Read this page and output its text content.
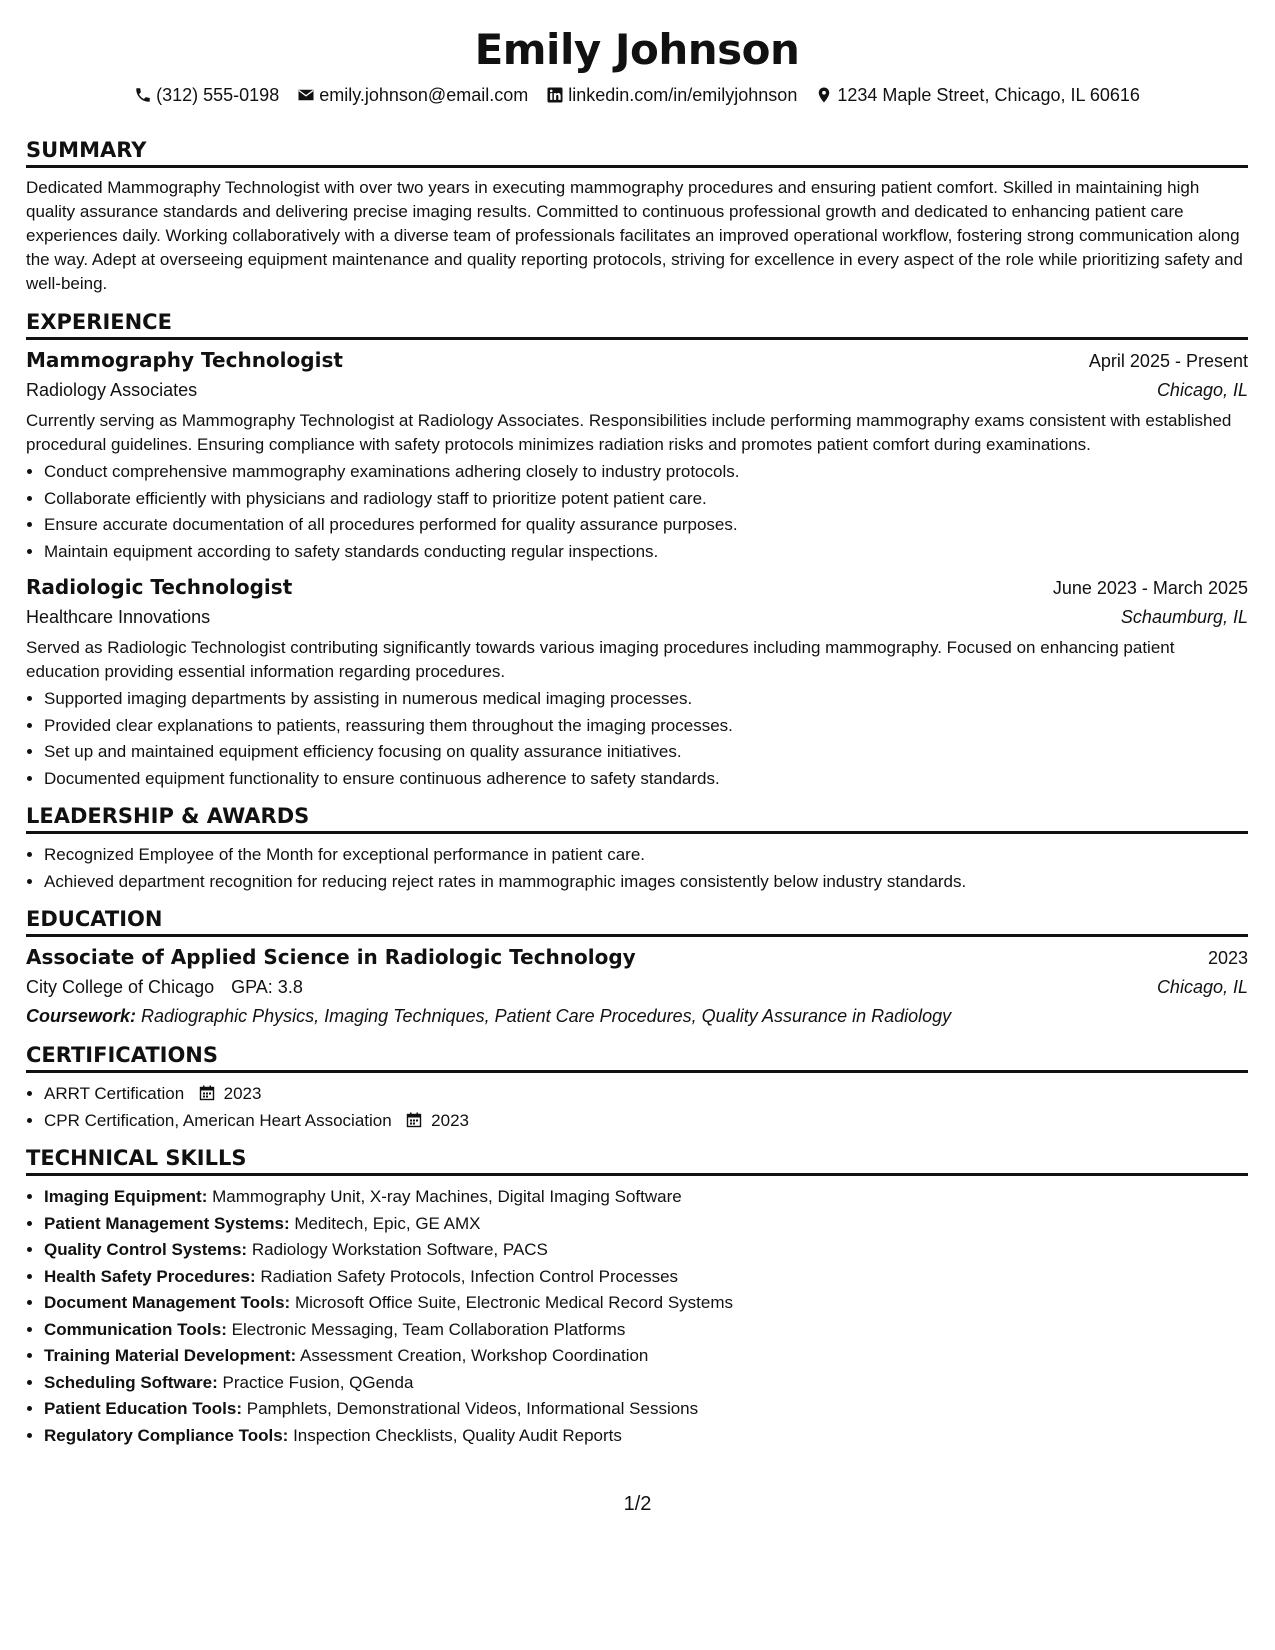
Emily Johnson
(312) 555-0198 emily.johnson@email.com linkedin.com/in/emilyjohnson 1234 Maple Street, Chicago, IL 60616
SUMMARY

Dedicated Mammography Technologist with over two years in executing mammography procedures and ensuring patient comfort. Skilled in maintaining high quality assurance standards and delivering precise imaging results. Committed to continuous professional growth and dedicated to enhancing patient care experiences daily. Working collaboratively with a diverse team of professionals facilitates an improved operational workflow, fostering strong communication along the way. Adept at overseeing equipment maintenance and quality reporting protocols, striving for excellence in every aspect of the role while prioritizing safety and well-being.

EXPERIENCE
Mammography Technologist	April 2025 - Present
Radiology Associates	Chicago, IL

Currently serving as Mammography Technologist at Radiology Associates. Responsibilities include performing mammography exams consistent with established procedural guidelines. Ensuring compliance with safety protocols minimizes radiation risks and promotes patient comfort during examinations.

• Conduct comprehensive mammography examinations adhering closely to industry protocols.
• Collaborate efficiently with physicians and radiology staff to prioritize potent patient care.
• Ensure accurate documentation of all procedures performed for quality assurance purposes.
• Maintain equipment according to safety standards conducting regular inspections.
Radiologic Technologist	June 2023 - March 2025
Healthcare Innovations	Schaumburg, IL

Served as Radiologic Technologist contributing significantly towards various imaging procedures including mammography. Focused on enhancing patient education providing essential information regarding procedures.

• Supported imaging departments by assisting in numerous medical imaging processes.
• Provided clear explanations to patients, reassuring them throughout the imaging processes.
• Set up and maintained equipment efficiency focusing on quality assurance initiatives.
• Documented equipment functionality to ensure continuous adherence to safety standards.
LEADERSHIP & AWARDS
• Recognized Employee of the Month for exceptional performance in patient care.
• Achieved department recognition for reducing reject rates in mammographic images consistently below industry standards.
EDUCATION
Associate of Applied Science in Radiologic Technology	2023
City College of Chicago GPA: 3.8	Chicago, IL
Coursework: Radiographic Physics, Imaging Techniques, Patient Care Procedures, Quality Assurance in Radiology
CERTIFICATIONS
• ARRT Certification 2023
• CPR Certification, American Heart Association 2023
TECHNICAL SKILLS
• Imaging Equipment: Mammography Unit, X-ray Machines, Digital Imaging Software
• Patient Management Systems: Meditech, Epic, GE AMX
• Quality Control Systems: Radiology Workstation Software, PACS
• Health Safety Procedures: Radiation Safety Protocols, Infection Control Processes
• Document Management Tools: Microsoft Office Suite, Electronic Medical Record Systems
• Communication Tools: Electronic Messaging, Team Collaboration Platforms
• Training Material Development: Assessment Creation, Workshop Coordination
• Scheduling Software: Practice Fusion, QGenda
• Patient Education Tools: Pamphlets, Demonstrational Videos, Informational Sessions
• Regulatory Compliance Tools: Inspection Checklists, Quality Audit Reports
1/2
